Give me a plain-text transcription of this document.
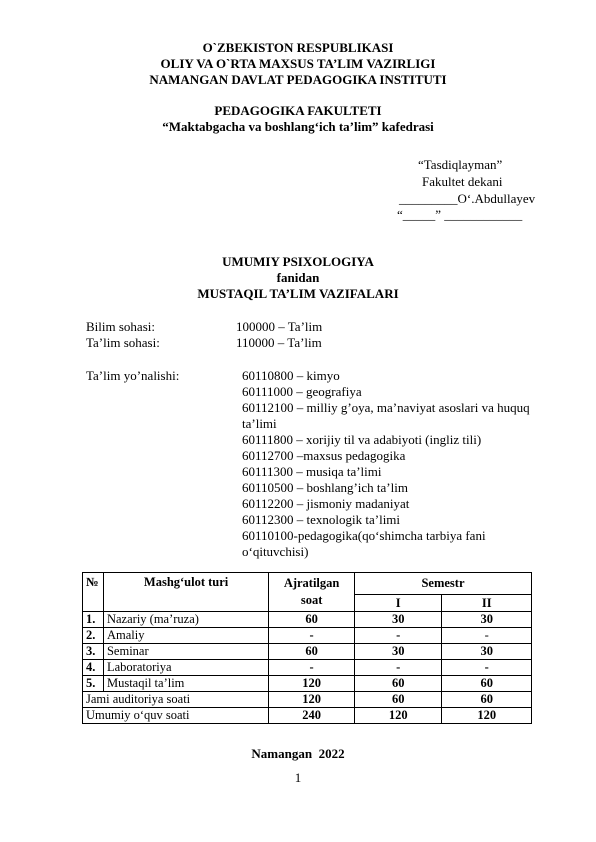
O`ZBEKISTON RESPUBLIKASI
OLIY VA O`RTA MAXSUS TA’LIM VAZIRLIGI
NAMANGAN DAVLAT PEDAGOGIKA INSTITUTI
PEDAGOGIKA FAKULTETI
“Maktabgacha va boshlang‘ich ta’lim” kafedrasi
“Tasdiqlayman”
Fakultet dekani
_________O‘.Abdullayev
“_____” ____________
UMUMIY PSIXOLOGIYA
fanidan
MUSTAQIL TA’LIM VAZIFALARI
Bilim sohasi:	100000 – Ta’lim
Ta’lim sohasi:	110000 – Ta’lim
Ta’lim yo’nalishi:	60110800 – kimyo
60111000 – geografiya
60112100 – milliy g’oya, ma’naviyat asoslari va huquq
ta’limi
60111800 – xorijiy til va adabiyoti (ingliz tili)
60112700 –maxsus pedagogika
60111300 – musiqa ta’limi
60110500 – boshlang’ich ta’lim
60112200 – jismoniy madaniyat
60112300 – texnologik ta’limi
60110100-pedagogika(qo‘shimcha tarbiya fani
o‘qituvchisi)
№	Mashg‘ulot turi	Ajratilgan soat	Semestr	
			I	II
1.	Nazariy (ma’ruza)	60	30	30
2.	Amaliy	-	-	-
3.	Seminar	60	30	30
4.	Laboratoriya	-	-	-
5.	Mustaqil ta’lim	120	60	60
Jami auditoriya soati		120	60	60
Umumiy o‘quv soati		240	120	120
Namangan  2022
1
